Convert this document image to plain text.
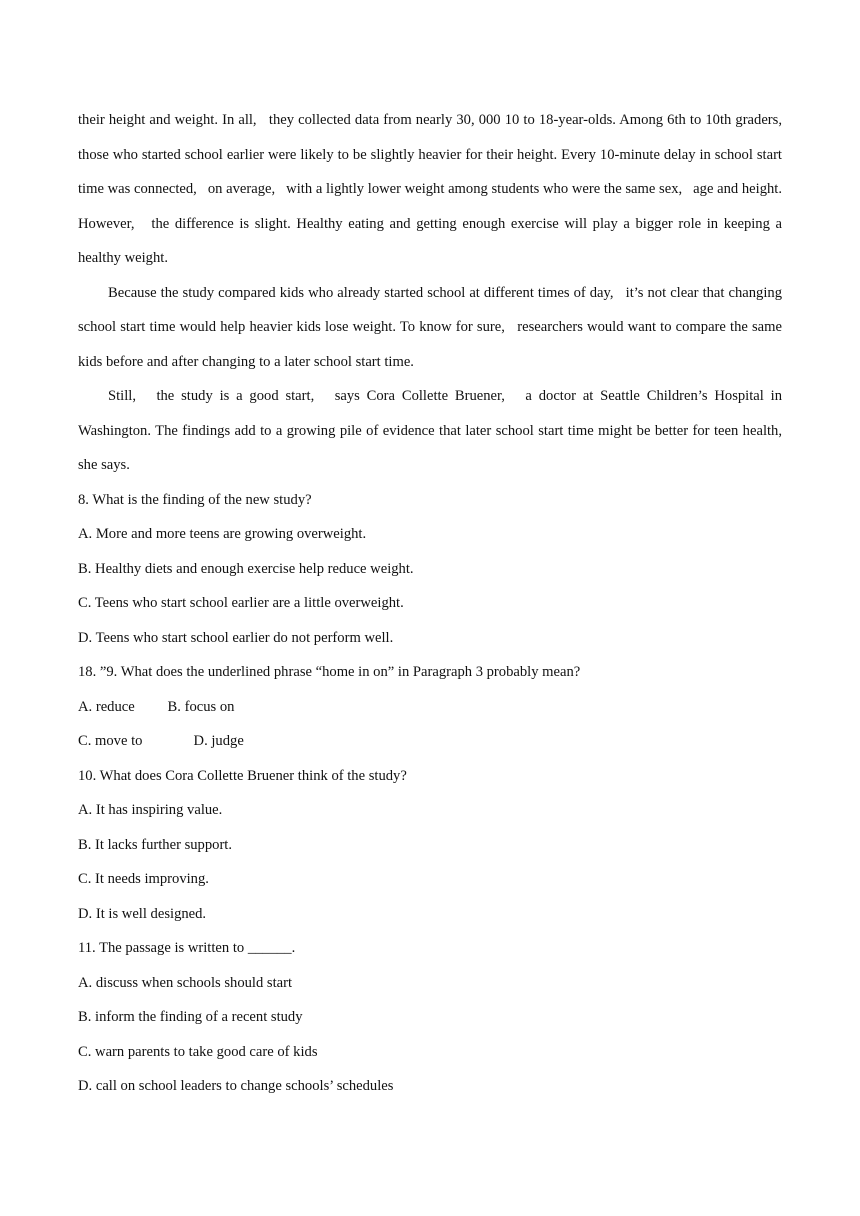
their height and weight. In all,   they collected data from nearly 30, 000 10 to 18-year-olds. Among 6th to 10th graders,   those who started school earlier were likely to be slightly heavier for their height. Every 10-minute delay in school start time was connected,   on average,   with a lightly lower weight among students who were the same sex,   age and height. However,   the difference is slight. Healthy eating and getting enough exercise will play a bigger role in keeping a healthy weight.

Because the study compared kids who already started school at different times of day,   it’s not clear that changing school start time would help heavier kids lose weight. To know for sure,   researchers would want to compare the same kids before and after changing to a later school start time.

Still,   the study is a good start,   says Cora Collette Bruener,   a doctor at Seattle Children’s Hospital in Washington. The findings add to a growing pile of evidence that later school start time might be better for teen health,   she says.

8. What is the finding of the new study?

A. More and more teens are growing overweight.

B. Healthy diets and enough exercise help reduce weight.

C. Teens who start school earlier are a little overweight.

D. Teens who start school earlier do not perform well.

18. ”9. What does the underlined phrase “home in on” in Paragraph 3 probably mean?

A. reduce         B. focus on

C. move to              D. judge

10. What does Cora Collette Bruener think of the study?

A. It has inspiring value.

B. It lacks further support.

C. It needs improving.

D. It is well designed.

11. The passage is written to ______.

A. discuss when schools should start

B. inform the finding of a recent study

C. warn parents to take good care of kids

D. call on school leaders to change schools’ schedules
